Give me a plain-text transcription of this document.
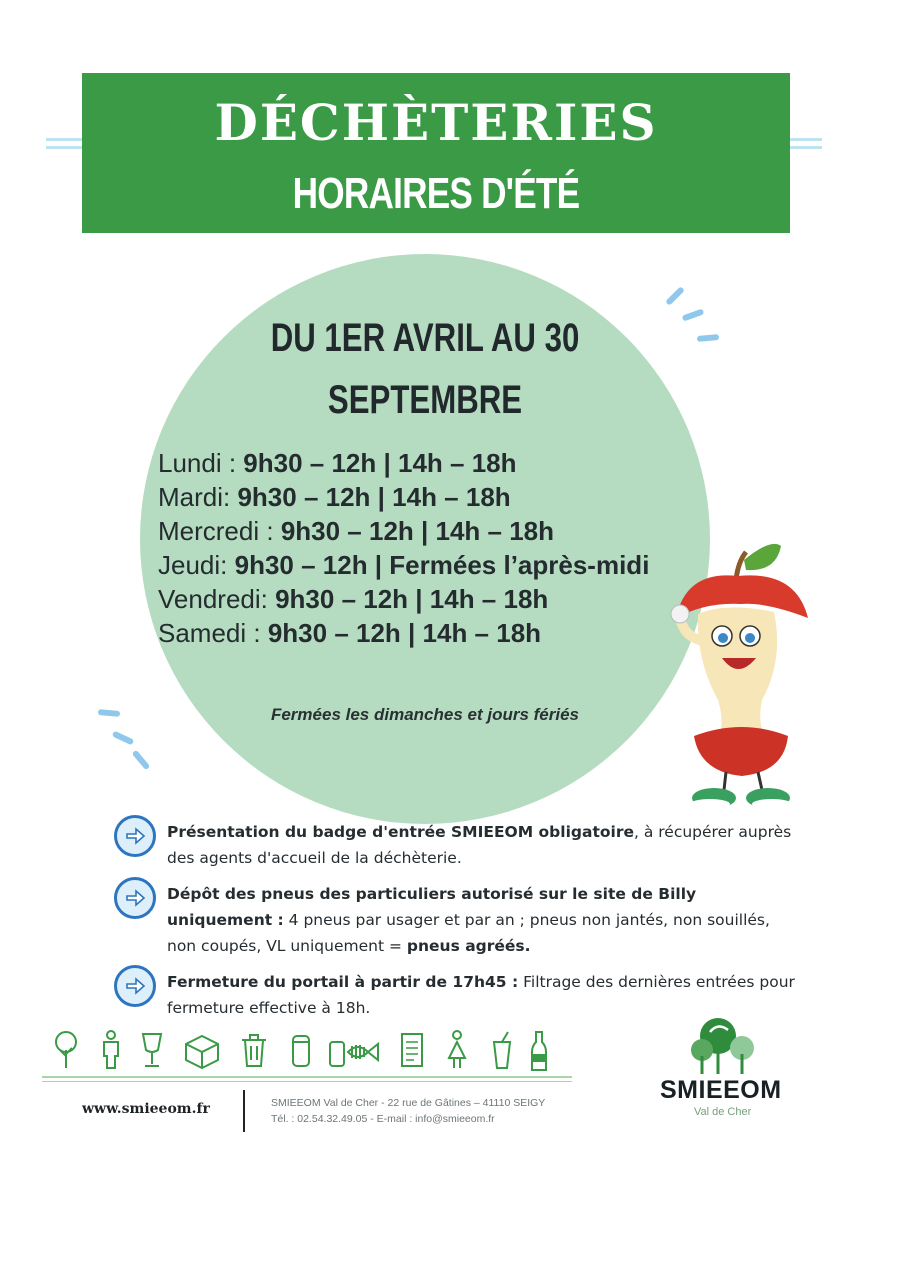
DÉCHÈTERIES
HORAIRES D'ÉTÉ
DU 1ER AVRIL AU 30
SEPTEMBRE
Lundi : 9h30 – 12h | 14h – 18h
Mardi: 9h30 – 12h | 14h – 18h
Mercredi : 9h30 – 12h | 14h – 18h
Jeudi: 9h30 – 12h | Fermées l’après-midi
Vendredi: 9h30 – 12h | 14h – 18h
Samedi : 9h30 – 12h | 14h – 18h
Fermées les dimanches et jours fériés
Présentation du badge d'entrée SMIEEOM obligatoire, à récupérer auprès des agents d'accueil de la déchèterie.
Dépôt des pneus des particuliers autorisé sur le site de Billy uniquement : 4 pneus par usager et par an ; pneus non jantés, non souillés, non coupés, VL uniquement = pneus agréés.
Fermeture du portail à partir de 17h45 : Filtrage des dernières entrées pour fermeture effective à 18h.
www.smieeom.fr	SMIEEOM Val de Cher - 22 rue de Gâtines – 41110 SEIGY
Tél. : 02.54.32.49.05 - E-mail : info@smieeom.fr
SMIEEOM
Val de Cher
